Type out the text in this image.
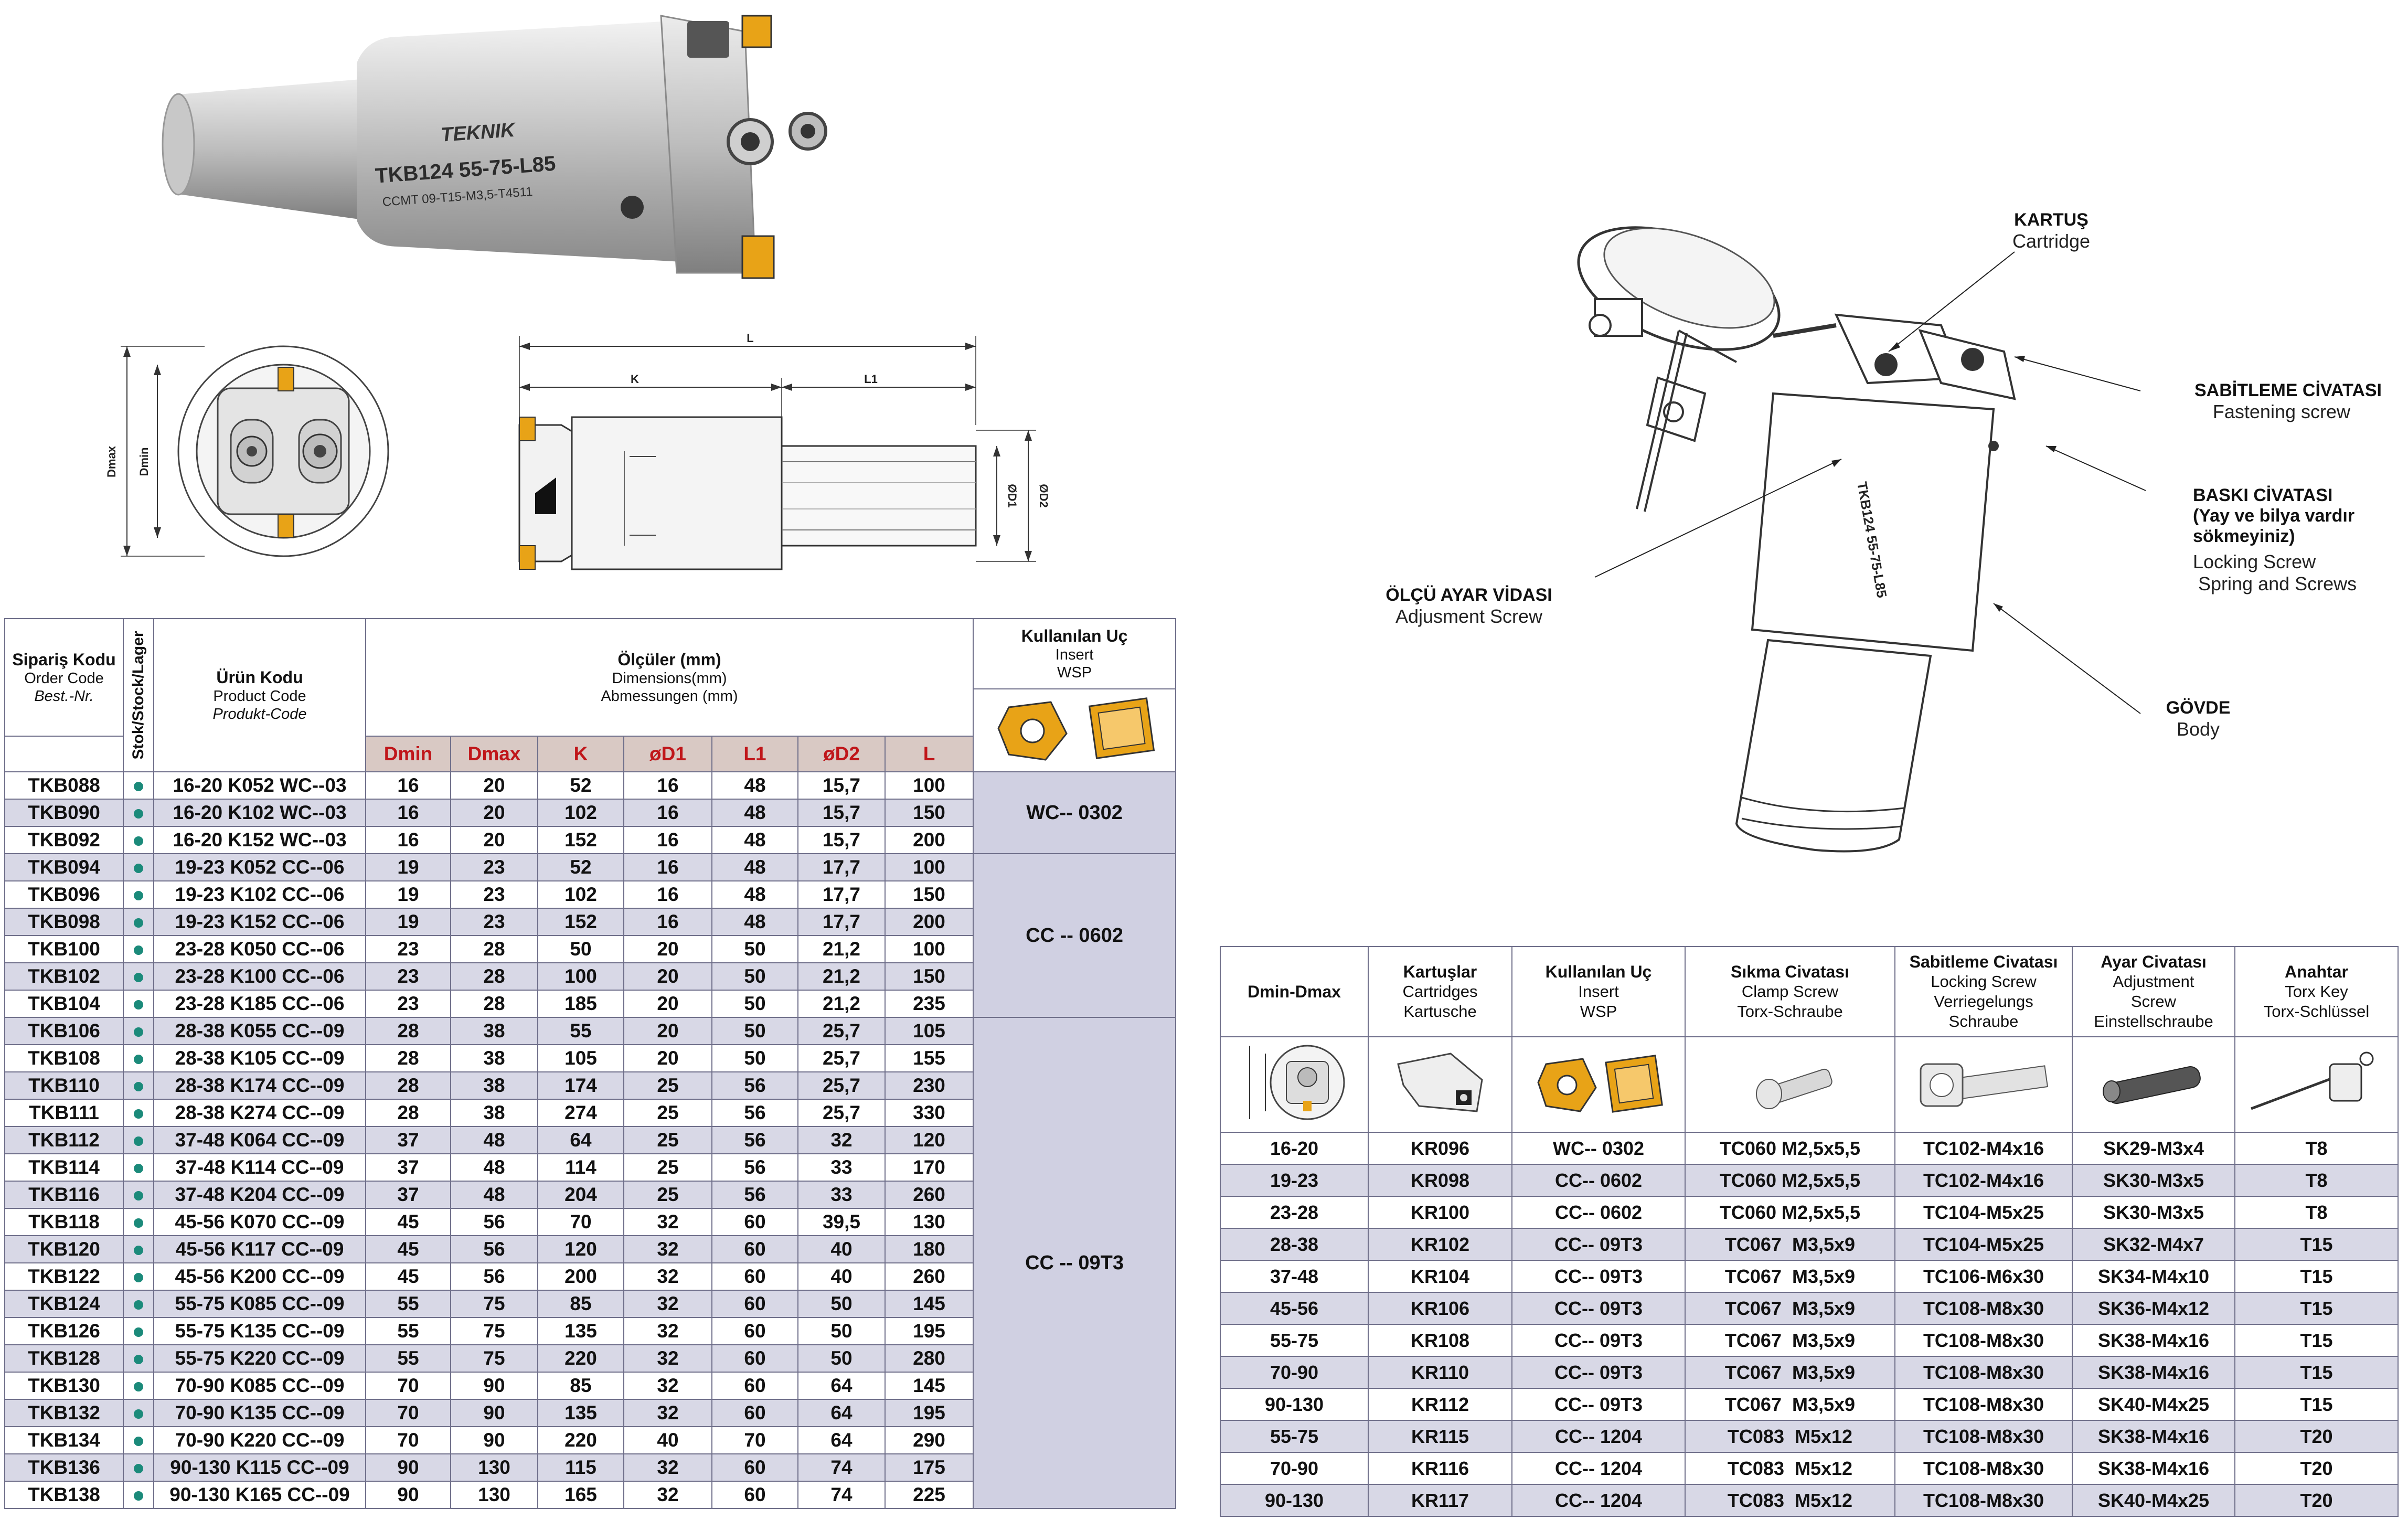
TEKNIK
TKB124 55-75-L85
CCMT 09-T15-M3,5-T4511
Dmax Dmin
L
K	L1
ØD1 ØD2	TKB124 55-75-L85
KARTUŞ
Cartridge
SABİTLEME CİVATASI
Fastening screw
BASKI CİVATASI
(Yay ve bilya vardır
sökmeyiniz)
Locking Screw
Spring and Screws
ÖLÇÜ AYAR VİDASI
Adjusment Screw
GÖVDE
Body
Sipariş Kodu
Order Code
Best.-Nr.	Stok/Stock/Lager	Ürün Kodu
Product Code
Produkt-Code	Ölçüler (mm)
Dimensions(mm)
Abmessungen (mm)							Kullanılan Uç
Insert
WSP

			Dmin	Dmax	K	øD1	L1	øD2	L	
TKB088		16-20 K052 WC--03	16	20	52	16	48	15,7	100	WC-- 0302
TKB090		16-20 K102 WC--03	16	20	102	16	48	15,7	150	
TKB092		16-20 K152 WC--03	16	20	152	16	48	15,7	200	
TKB094		19-23 K052 CC--06	19	23	52	16	48	17,7	100	CC -- 0602
TKB096		19-23 K102 CC--06	19	23	102	16	48	17,7	150	
TKB098		19-23 K152 CC--06	19	23	152	16	48	17,7	200	
TKB100		23-28 K050 CC--06	23	28	50	20	50	21,2	100	
TKB102		23-28 K100 CC--06	23	28	100	20	50	21,2	150	
TKB104		23-28 K185 CC--06	23	28	185	20	50	21,2	235	
TKB106		28-38 K055 CC--09	28	38	55	20	50	25,7	105	CC -- 09T3
TKB108		28-38 K105 CC--09	28	38	105	20	50	25,7	155	
TKB110		28-38 K174 CC--09	28	38	174	25	56	25,7	230	
TKB111		28-38 K274 CC--09	28	38	274	25	56	25,7	330	
TKB112		37-48 K064 CC--09	37	48	64	25	56	32	120	
TKB114		37-48 K114 CC--09	37	48	114	25	56	33	170	
TKB116		37-48 K204 CC--09	37	48	204	25	56	33	260	
TKB118		45-56 K070 CC--09	45	56	70	32	60	39,5	130	
TKB120		45-56 K117 CC--09	45	56	120	32	60	40	180	
TKB122		45-56 K200 CC--09	45	56	200	32	60	40	260	
TKB124		55-75 K085 CC--09	55	75	85	32	60	50	145	
TKB126		55-75 K135 CC--09	55	75	135	32	60	50	195	
TKB128		55-75 K220 CC--09	55	75	220	32	60	50	280	
TKB130		70-90 K085 CC--09	70	90	85	32	60	64	145	
TKB132		70-90 K135 CC--09	70	90	135	32	60	64	195	
TKB134		70-90 K220 CC--09	70	90	220	40	70	64	290	
TKB136		90-130 K115 CC--09	90	130	115	32	60	74	175	
TKB138		90-130 K165 CC--09	90	130	165	32	60	74	225	
Dmin-Dmax	Kartuşlar
Cartridges
Kartusche	Kullanılan Uç
Insert
WSP	Sıkma Civatası
Clamp Screw
Torx-Schraube	Sabitleme Civatası
Locking Screw
Verriegelungs
Schraube	Ayar Civatası
Adjustment
Screw
Einstellschraube	Anahtar
Torx Key
Torx-Schlüssel

16-20	KR096	WC-- 0302	TC060 M2,5x5,5	TC102-M4x16	SK29-M3x4	T8
19-23	KR098	CC-- 0602	TC060 M2,5x5,5	TC102-M4x16	SK30-M3x5	T8
23-28	KR100	CC-- 0602	TC060 M2,5x5,5	TC104-M5x25	SK30-M3x5	T8
28-38	KR102	CC-- 09T3	TC067  M3,5x9	TC104-M5x25	SK32-M4x7	T15
37-48	KR104	CC-- 09T3	TC067  M3,5x9	TC106-M6x30	SK34-M4x10	T15
45-56	KR106	CC-- 09T3	TC067  M3,5x9	TC108-M8x30	SK36-M4x12	T15
55-75	KR108	CC-- 09T3	TC067  M3,5x9	TC108-M8x30	SK38-M4x16	T15
70-90	KR110	CC-- 09T3	TC067  M3,5x9	TC108-M8x30	SK38-M4x16	T15
90-130	KR112	CC-- 09T3	TC067  M3,5x9	TC108-M8x30	SK40-M4x25	T15
55-75	KR115	CC-- 1204	TC083  M5x12	TC108-M8x30	SK38-M4x16	T20
70-90	KR116	CC-- 1204	TC083  M5x12	TC108-M8x30	SK38-M4x16	T20
90-130	KR117	CC-- 1204	TC083  M5x12	TC108-M8x30	SK40-M4x25	T20
